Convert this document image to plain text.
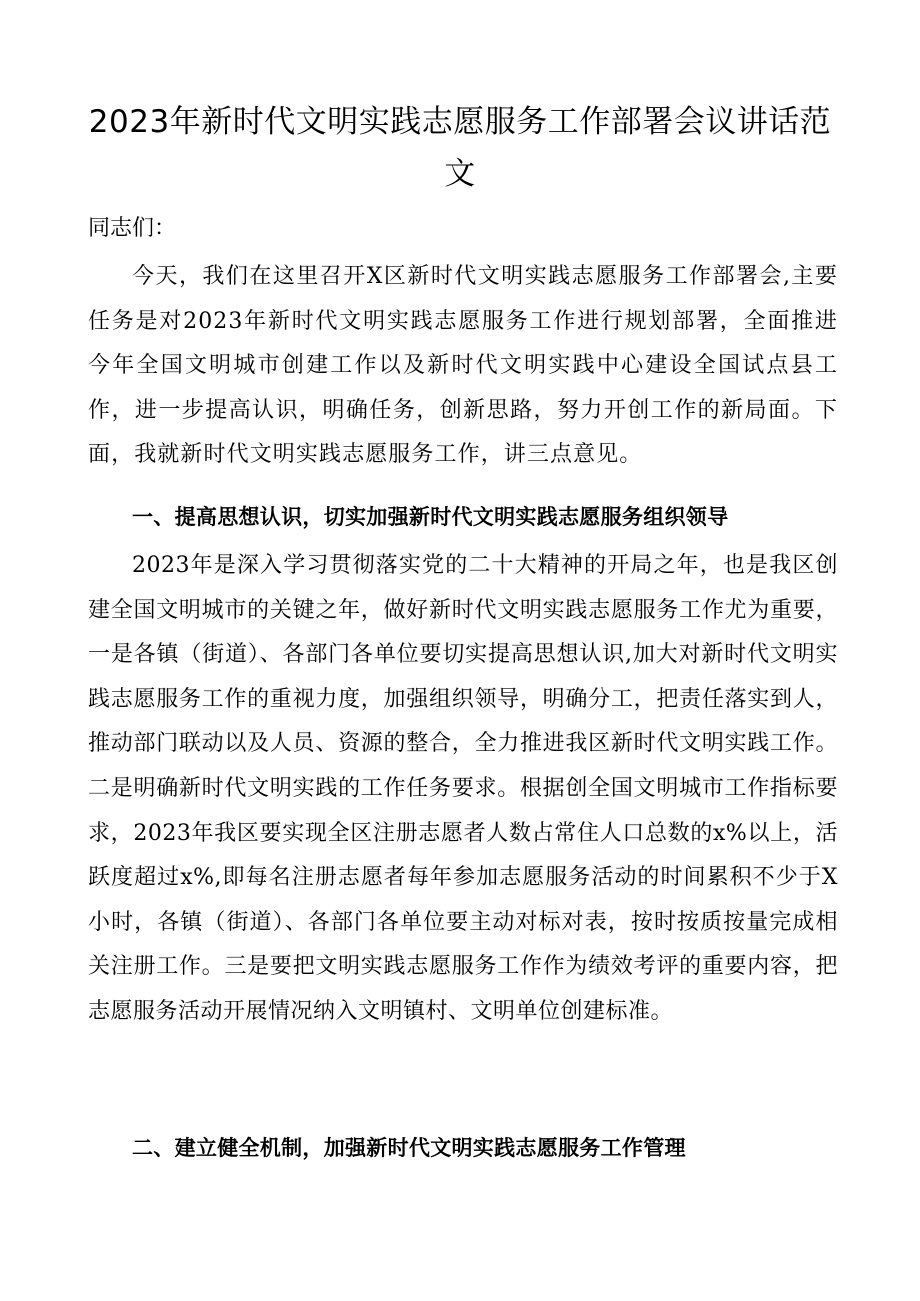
2023年新时代文明实践志愿服务工作部署会议讲话范文

同志们：

今天，我们在这里召开X区新时代文明实践志愿服务工作部署会,主要任务是对2023年新时代文明实践志愿服务工作进行规划部署，全面推进今年全国文明城市创建工作以及新时代文明实践中心建设全国试点县工作，进一步提高认识，明确任务，创新思路，努力开创工作的新局面。下面，我就新时代文明实践志愿服务工作，讲三点意见。

一、提高思想认识，切实加强新时代文明实践志愿服务组织领导

2023年是深入学习贯彻落实党的二十大精神的开局之年，也是我区创建全国文明城市的关键之年，做好新时代文明实践志愿服务工作尤为重要，一是各镇（街道）、各部门各单位要切实提高思想认识,加大对新时代文明实践志愿服务工作的重视力度，加强组织领导，明确分工，把责任落实到人，推动部门联动以及人员、资源的整合，全力推进我区新时代文明实践工作。二是明确新时代文明实践的工作任务要求。根据创全国文明城市工作指标要求，2023年我区要实现全区注册志愿者人数占常住人口总数的x%以上，活跃度超过x%,即每名注册志愿者每年参加志愿服务活动的时间累积不少于X小时，各镇（街道）、各部门各单位要主动对标对表，按时按质按量完成相关注册工作。三是要把文明实践志愿服务工作作为绩效考评的重要内容，把志愿服务活动开展情况纳入文明镇村、文明单位创建标准。

二、建立健全机制，加强新时代文明实践志愿服务工作管理
